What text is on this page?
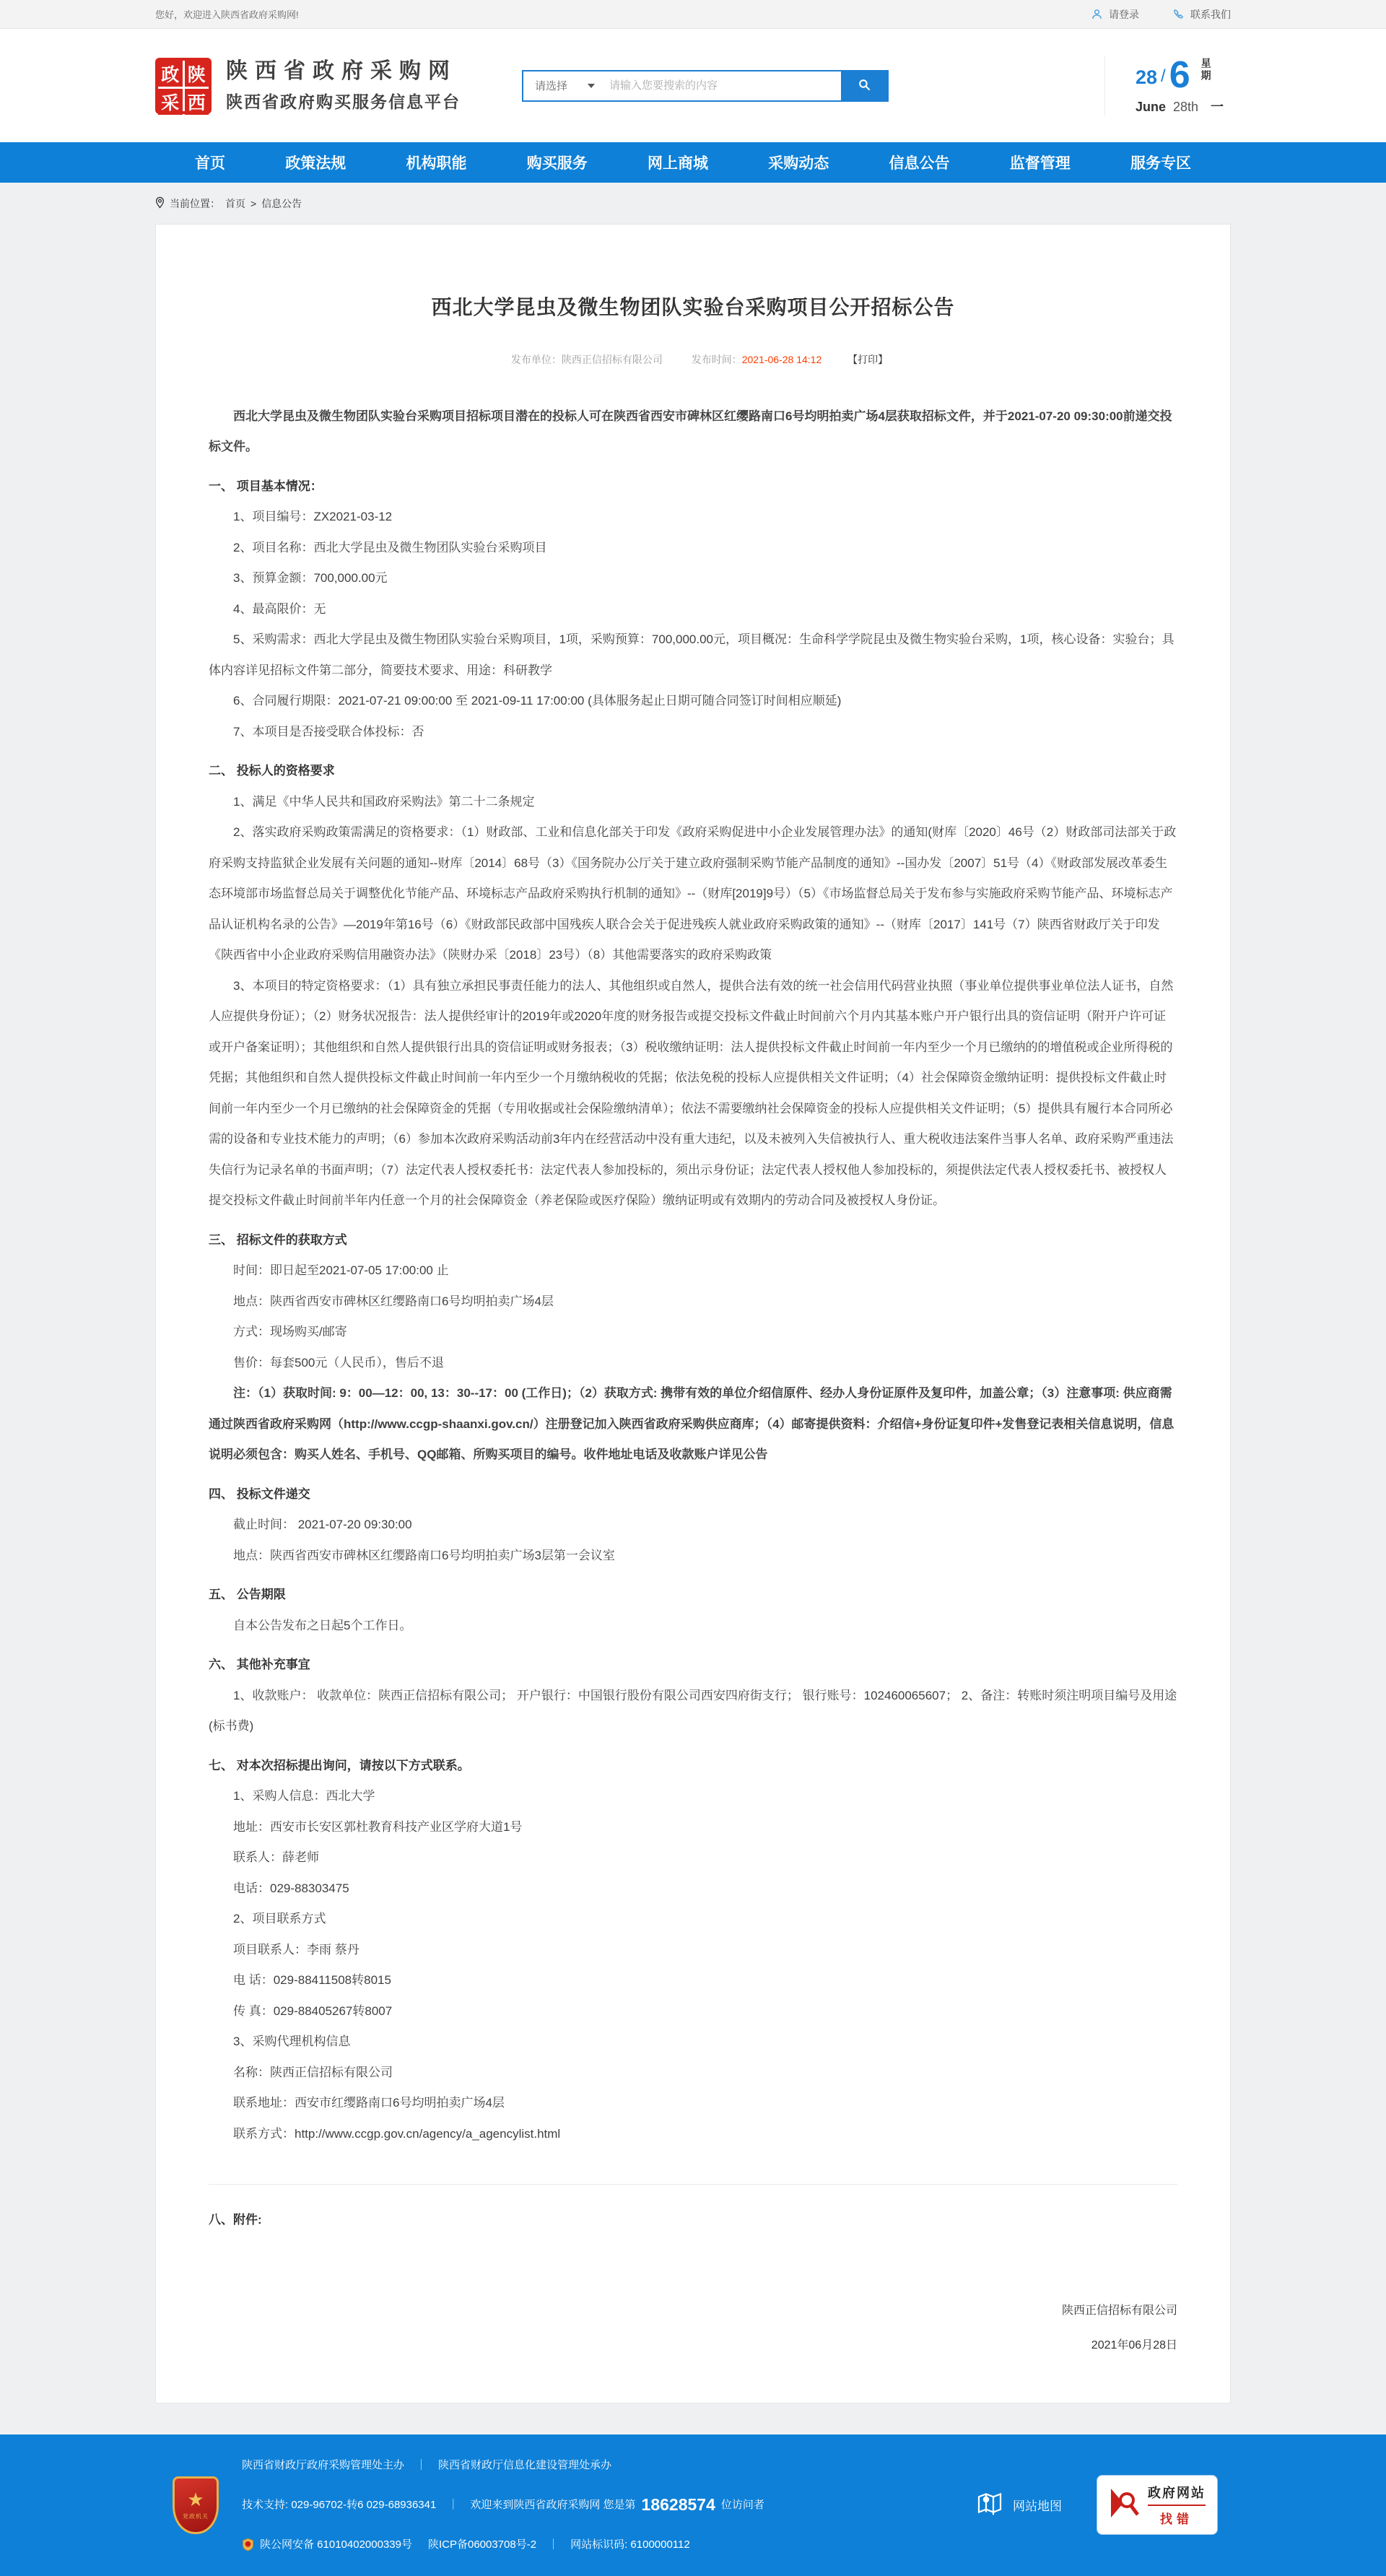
您好，欢迎进入陕西省政府采购网!	请登录	联系我们
政 陕
采 西
陕西省政府采购网
陕西省政府购买服务信息平台
请选择
请输入您要搜索的内容	28 / 6 星期
June 28th 一
首页	政策法规	机构职能	购买服务	网上商城	采购动态	信息公告	监督管理	服务专区
当前位置： 首页 > 信息公告
西北大学昆虫及微生物团队实验台采购项目公开招标公告
发布单位：陕西正信招标有限公司	发布时间：2021-06-28 14:12	【打印】

西北大学昆虫及微生物团队实验台采购项目招标项目潜在的投标人可在陕西省西安市碑林区红缨路南口6号均明拍卖广场4层获取招标文件，并于2021-07-20 09:30:00前递交投标文件。

一、 项目基本情况：

1、项目编号：ZX2021-03-12

2、项目名称：西北大学昆虫及微生物团队实验台采购项目

3、预算金额：700,000.00元

4、最高限价：无

5、采购需求：西北大学昆虫及微生物团队实验台采购项目，1项，采购预算：700,000.00元，项目概况：生命科学学院昆虫及微生物实验台采购，1项，核心设备：实验台；具体内容详见招标文件第二部分，简要技术要求、用途：科研教学

6、合同履行期限：2021-07-21 09:00:00 至 2021-09-11 17:00:00 (具体服务起止日期可随合同签订时间相应顺延)

7、本项目是否接受联合体投标：否

二、 投标人的资格要求

1、满足《中华人民共和国政府采购法》第二十二条规定

2、落实政府采购政策需满足的资格要求：（1）财政部、工业和信息化部关于印发《政府采购促进中小企业发展管理办法》的通知(财库〔2020〕46号（2）财政部司法部关于政府采购支持监狱企业发展有关问题的通知--财库〔2014〕68号（3）《国务院办公厅关于建立政府强制采购节能产品制度的通知》--国办发〔2007〕51号（4）《财政部发展改革委生态环境部市场监督总局关于调整优化节能产品、环境标志产品政府采购执行机制的通知》--（财库[2019]9号）（5）《市场监督总局关于发布参与实施政府采购节能产品、环境标志产品认证机构名录的公告》—2019年第16号（6）《财政部民政部中国残疾人联合会关于促进残疾人就业政府采购政策的通知》--（财库〔2017〕141号（7）陕西省财政厅关于印发《陕西省中小企业政府采购信用融资办法》（陕财办采〔2018〕23号）（8）其他需要落实的政府采购政策

3、本项目的特定资格要求：（1）具有独立承担民事责任能力的法人、其他组织或自然人，提供合法有效的统一社会信用代码营业执照（事业单位提供事业单位法人证书，自然人应提供身份证）；（2）财务状况报告：法人提供经审计的2019年或2020年度的财务报告或提交投标文件截止时间前六个月内其基本账户开户银行出具的资信证明（附开户许可证或开户备案证明）；其他组织和自然人提供银行出具的资信证明或财务报表；（3）税收缴纳证明：法人提供投标文件截止时间前一年内至少一个月已缴纳的的增值税或企业所得税的凭据；其他组织和自然人提供投标文件截止时间前一年内至少一个月缴纳税收的凭据；依法免税的投标人应提供相关文件证明；（4）社会保障资金缴纳证明：提供投标文件截止时间前一年内至少一个月已缴纳的社会保障资金的凭据（专用收据或社会保险缴纳清单）；依法不需要缴纳社会保障资金的投标人应提供相关文件证明；（5）提供具有履行本合同所必需的设备和专业技术能力的声明；（6）参加本次政府采购活动前3年内在经营活动中没有重大违纪，以及未被列入失信被执行人、重大税收违法案件当事人名单、政府采购严重违法失信行为记录名单的书面声明；（7）法定代表人授权委托书：法定代表人参加投标的，须出示身份证；法定代表人授权他人参加投标的，须提供法定代表人授权委托书、被授权人提交投标文件截止时间前半年内任意一个月的社会保障资金（养老保险或医疗保险）缴纳证明或有效期内的劳动合同及被授权人身份证。

三、 招标文件的获取方式

时间：即日起至2021-07-05 17:00:00 止

地点：陕西省西安市碑林区红缨路南口6号均明拍卖广场4层

方式：现场购买/邮寄

售价：每套500元（人民币），售后不退

注：（1）获取时间: 9：00—12：00, 13：30--17：00 (工作日)；（2）获取方式: 携带有效的单位介绍信原件、经办人身份证原件及复印件，加盖公章；（3）注意事项: 供应商需通过陕西省政府采购网（http://www.ccgp-shaanxi.gov.cn/）注册登记加入陕西省政府采购供应商库；（4）邮寄提供资料：介绍信+身份证复印件+发售登记表相关信息说明，信息说明必须包含：购买人姓名、手机号、QQ邮箱、所购买项目的编号。收件地址电话及收款账户详见公告

四、 投标文件递交

截止时间： 2021-07-20 09:30:00

地点：陕西省西安市碑林区红缨路南口6号均明拍卖广场3层第一会议室

五、 公告期限

自本公告发布之日起5个工作日。

六、 其他补充事宜

1、收款账户： 收款单位：陕西正信招标有限公司； 开户银行：中国银行股份有限公司西安四府街支行； 银行账号：102460065607； 2、备注：转账时须注明项目编号及用途(标书费)

七、 对本次招标提出询问，请按以下方式联系。

1、采购人信息：西北大学

地址：西安市长安区郭杜教育科技产业区学府大道1号

联系人：薛老师

电话：029-88303475

2、项目联系方式

项目联系人：李雨 蔡丹

电 话：029-88411508转8015

传 真：029-88405267转8007

3、采购代理机构信息

名称：陕西正信招标有限公司

联系地址：西安市红缨路南口6号均明拍卖广场4层

联系方式：http://www.ccgp.gov.cn/agency/a_agencylist.html

八、附件:

陕西正信招标有限公司
2021年06月28日
★
党政机关
陕西省财政厅政府采购管理处主办 ｜ 陕西省财政厅信息化建设管理处承办
技术支持: 029-96702-转6 029-68936341 ｜ 欢迎来到陕西省政府采购网 您是第 18628574 位访问者
陕公网安备 61010402000339号 陕ICP备06003708号-2 ｜ 网站标识码: 6100000112
网站地图
政府网站
找错
